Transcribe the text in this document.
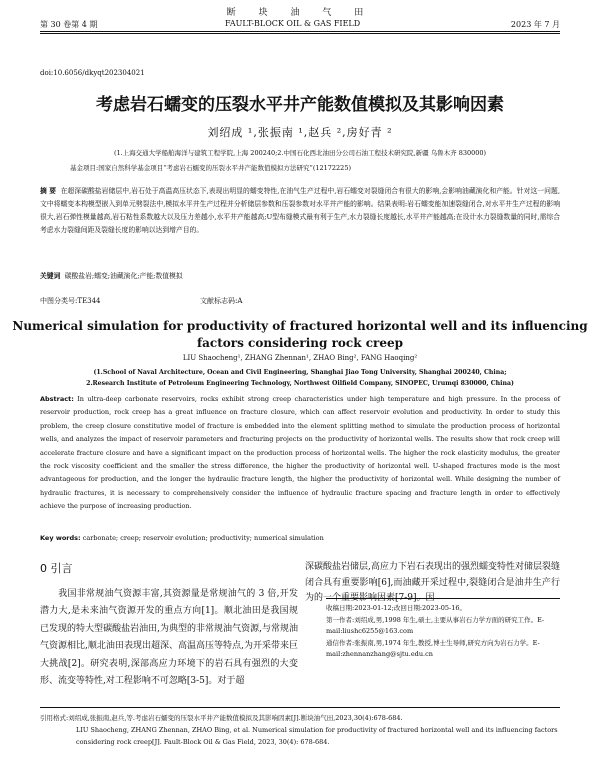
断 块 油 气 田
第 30 卷第 4 期	FAULT-BLOCK OIL & GAS FIELD	2023 年 7 月
doi:10.6056/dkyqt202304021
考虑岩石蠕变的压裂水平井产能数值模拟及其影响因素
刘绍成 ¹,张振南 ¹,赵兵 ²,房好青 ²
(1.上海交通大学船舶海洋与建筑工程学院,上海 200240;2.中国石化西北油田分公司石油工程技术研究院,新疆 乌鲁木齐 830000)
基金项目:国家自然科学基金项目“考虑岩石蠕变的压裂水平井产能数值模拟方法研究”(12172225)
摘 要 在超深碳酸盐岩储层中,岩石处于高温高压状态下,表现出明显的蠕变特性,在油气生产过程中,岩石蠕变对裂缝闭合有很大的影响,会影响油藏演化和产能。针对这一问题,文中将蠕变本构模型嵌入到单元劈裂法中,模拟水平井生产过程并分析储层参数和压裂参数对水平井产能的影响。结果表明:岩石蠕变能加速裂缝闭合,对水平井生产过程的影响很大,岩石弹性模量越高,岩石粘性系数越大以及压力差越小,水平井产能越高;U型布缝模式最有利于生产,水力裂缝长度越长,水平井产能越高;在设计水力裂缝数量的同时,需综合考虑水力裂缝间距及裂缝长度的影响以达到增产目的。
关键词 碳酸盐岩;蠕变;油藏演化;产能;数值模拟
中图分类号:TE344	文献标志码:A
Numerical simulation for productivity of fractured horizontal well and its influencing factors considering rock creep
LIU Shaocheng¹, ZHANG Zhennan¹, ZHAO Bing², FANG Haoqing²
(1.School of Naval Architecture, Ocean and Civil Engineering, Shanghai Jiao Tong University, Shanghai 200240, China;
2.Research Institute of Petroleum Engineering Technology, Northwest Oilfield Company, SINOPEC, Urumqi 830000, China)
Abstract: In ultra-deep carbonate reservoirs, rocks exhibit strong creep characteristics under high temperature and high pressure. In the process of reservoir production, rock creep has a great influence on fracture closure, which can affect reservoir evolution and productivity. In order to study this problem, the creep closure constitutive model of fracture is embedded into the element splitting method to simulate the production process of horizontal wells, and analyzes the impact of reservoir parameters and fracturing projects on the productivity of horizontal wells. The results show that rock creep will accelerate fracture closure and have a significant impact on the production process of horizontal wells. The higher the rock elasticity modulus, the greater the rock viscosity coefficient and the smaller the stress difference, the higher the productivity of horizontal well. U-shaped fractures mode is the most advantageous for production, and the longer the hydraulic fracture length, the higher the productivity of horizontal well. While designing the number of hydraulic fractures, it is necessary to comprehensively consider the influence of hydraulic fracture spacing and fracture length in order to effectively achieve the purpose of increasing production.
Key words: carbonate; creep; reservoir evolution; productivity; numerical simulation
0 引言
  我国非常规油气资源丰富,其资源量是常规油气的 3 倍,开发潜力大,是未来油气资源开发的重点方向[1]。顺北油田是我国规已发现的特大型碳酸盐岩油田,为典型的非常规油气资源,与常规油气资源相比,顺北油田表现出超深、高温高压等特点,为开采带来巨大挑战[2]。研究表明,深部高应力环境下的岩石具有强烈的大变形、流变等特性,对工程影响不可忽略[3-5]。对于超
深碳酸盐岩储层,高应力下岩石表现出的强烈蠕变特性对储层裂缝闭合具有重要影响[6],而油藏开采过程中,裂缝闭合是油井生产行为的一个重要影响因素[7-9]。因
收稿日期:2023-01-12;改回日期:2023-05-16。
第一作者:刘绍成,男,1998 年生,硕士,主要从事岩石力学方面的研究工作。E-mail:liushc6255@163.com
通信作者:张振南,男,1974 年生,教授,博士生导师,研究方向为岩石力学。E-mail:zhennanzhang@sjtu.edu.cn
引用格式:刘绍成,张振南,赵兵,等.考虑岩石蠕变的压裂水平井产能数值模拟及其影响因素[J].断块油气田,2023,30(4):678-684.
LIU Shaocheng, ZHANG Zhennan, ZHAO Bing, et al. Numerical simulation for productivity of fractured horizontal well and its influencing factors considering rock creep[J]. Fault-Block Oil & Gas Field, 2023, 30(4): 678-684.
